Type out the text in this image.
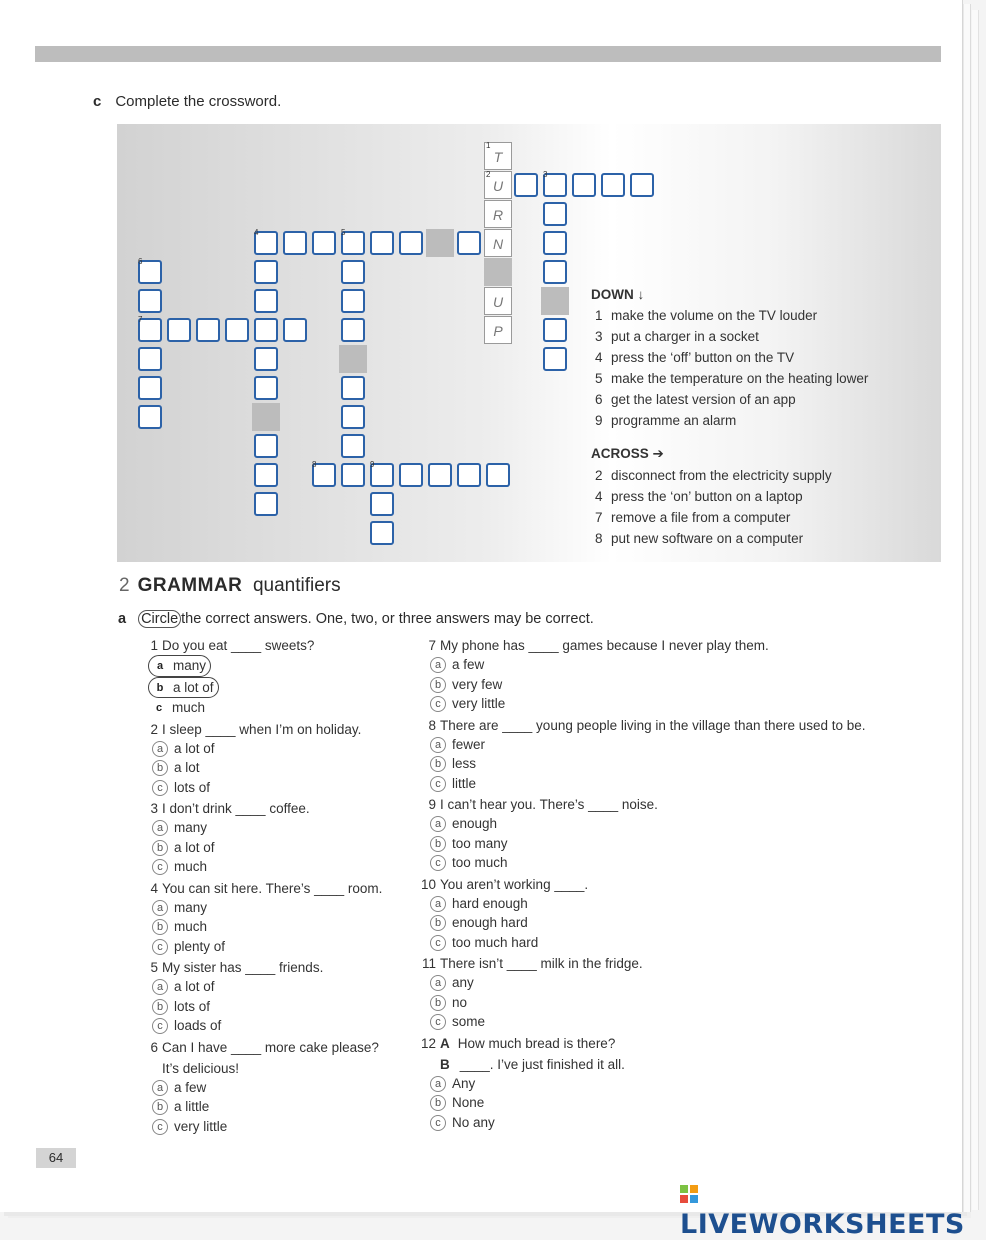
c Complete the crossword.
T
U
R
N
U
P
1
2	3
4	5
6
7
8	9
DOWN ↓
1 make the volume on the TV louder
3 put a charger in a socket
4 press the ‘off’ button on the TV
5 make the temperature on the heating lower
6 get the latest version of an app
9 programme an alarm
ACROSS ➔
2 disconnect from the electricity supply
4 press the ‘on’ button on a laptop
7 remove a file from a computer
8 put new software on a computer
2 GRAMMAR quantifiers
a Circle the correct answers. One, two, or three answers may be correct.
1 Do you eat ____ sweets?
a many
b a lot of
c much
2 I sleep ____ when I’m on holiday.
a a lot of
b a lot
c lots of
3 I don’t drink ____ coffee.
a many
b a lot of
c much
4 You can sit here. There’s ____ room.
a many
b much
c plenty of
5 My sister has ____ friends.
a a lot of
b lots of
c loads of
6 Can I have ____ more cake please?
It’s delicious!
a a few
b a little
c very little
7 My phone has ____ games because I never play them.
a a few
b very few
c very little
8 There are ____ young people living in the village than there used to be.
a fewer
b less
c little
9 I can’t hear you. There’s ____ noise.
a enough
b too many
c too much
10 You aren’t working ____.
a hard enough
b enough hard
c too much hard
11 There isn’t ____ milk in the fridge.
a any
b no
c some
12 A How much bread is there?
B ____. I’ve just finished it all.
a Any
b None
c No any
64
LIVEWORKSHEETS
